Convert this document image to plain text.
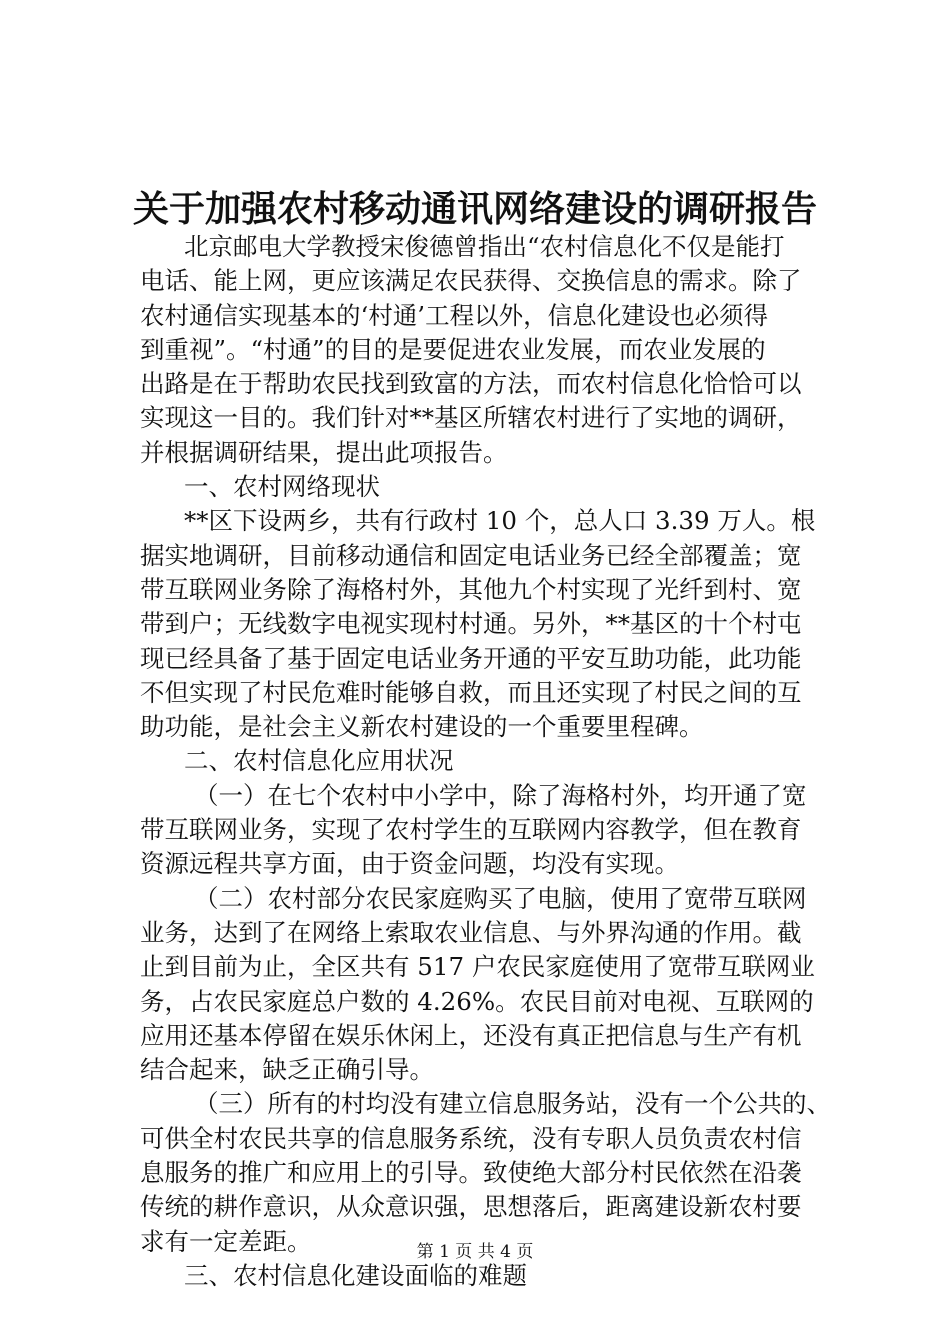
关于加强农村移动通讯网络建设的调研报告
北京邮电大学教授宋俊德曾指出“农村信息化不仅是能打
电话、能上网，更应该满足农民获得、交换信息的需求。除了
农村通信实现基本的‘村通’工程以外，信息化建设也必须得
到重视”。“村通”的目的是要促进农业发展，而农业发展的
出路是在于帮助农民找到致富的方法，而农村信息化恰恰可以
实现这一目的。我们针对**基区所辖农村进行了实地的调研，
并根据调研结果，提出此项报告。
一、农村网络现状
**区下设两乡，共有行政村 10 个，总人口 3.39 万人。根
据实地调研，目前移动通信和固定电话业务已经全部覆盖；宽
带互联网业务除了海格村外，其他九个村实现了光纤到村、宽
带到户；无线数字电视实现村村通。另外，**基区的十个村屯
现已经具备了基于固定电话业务开通的平安互助功能，此功能
不但实现了村民危难时能够自救，而且还实现了村民之间的互
助功能，是社会主义新农村建设的一个重要里程碑。
二、农村信息化应用状况
（一）在七个农村中小学中，除了海格村外，均开通了宽
带互联网业务，实现了农村学生的互联网内容教学，但在教育
资源远程共享方面，由于资金问题，均没有实现。
（二）农村部分农民家庭购买了电脑，使用了宽带互联网
业务，达到了在网络上索取农业信息、与外界沟通的作用。截
止到目前为止，全区共有 517 户农民家庭使用了宽带互联网业
务，占农民家庭总户数的 4.26%。农民目前对电视、互联网的
应用还基本停留在娱乐休闲上，还没有真正把信息与生产有机
结合起来，缺乏正确引导。
（三）所有的村均没有建立信息服务站，没有一个公共的、
可供全村农民共享的信息服务系统，没有专职人员负责农村信
息服务的推广和应用上的引导。致使绝大部分村民依然在沿袭
传统的耕作意识，从众意识强，思想落后，距离建设新农村要
求有一定差距。
三、农村信息化建设面临的难题
第 1 页 共 4 页
